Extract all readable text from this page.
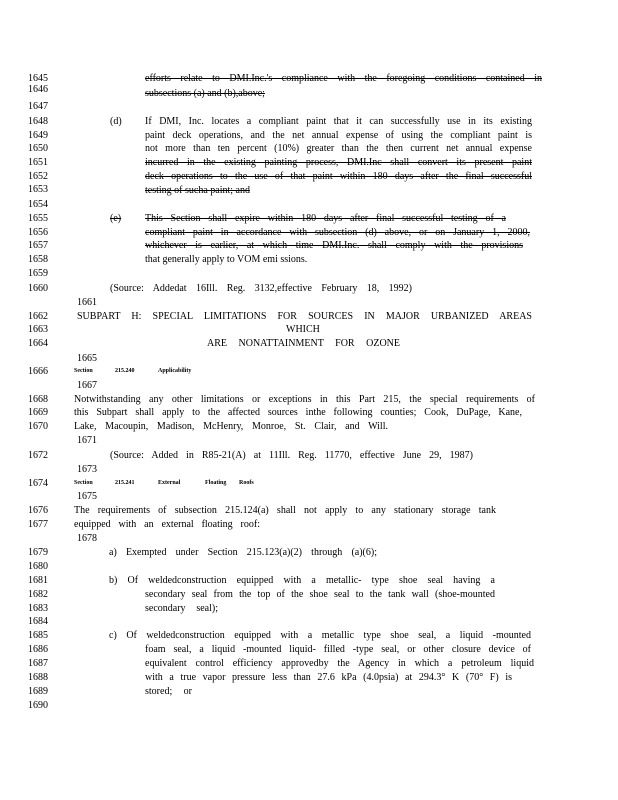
1645
1646
1647
1648
1649
1650
1651
1652
1653
1654
1655
1656
1657
1658
1659
1660
1661
1662
1663
1664
1665
1666
1667
1668
1669
1670
1671
1672
1673
1674
1675
1676
1677
1678
1679
1680
1681
1682
1683
1684
1685
1686
1687
1688
1689
1690
efforts relate to DMI.Inc.'s compliance with the foregoing conditions contained in
subsections (a) and (b),above;
(d) If DMI, Inc. locates a compliant paint that it can successfully use in its existing
paint deck operations, and the net annual expense of using the compliant paint is
not more than ten percent (10%) greater than the then current net annual expense
incurred in the existing painting process, DMI.Inc shall convert its present paint
deck operations to the use of that paint within 180 days after the final successful
testing of sucha paint; and
(e) This Section shall expire within 180 days after final successful testing of a
compliant paint in accordance with subsection (d) above, or on January 1, 2000,
whichever is earlier, at which time DMI.Inc. shall comply with the provisions
that generally apply to VOM emi ssions.
(Source: Addedat 16Ill. Reg. 3132,effective February 18, 1992)
SUBPART H: SPECIAL LIMITATIONS FOR SOURCES IN MAJOR URBANIZED AREAS
WHICH
ARE NONATTAINMENT FOR OZONE
Section	215.240	Applicability
Notwithstanding any other limitations or exceptions in this Part 215, the special requirements of
this Subpart shall apply to the affected sources inthe following counties; Cook, DuPage, Kane,
Lake, Macoupin, Madison, McHenry, Monroe, St. Clair, and Will.
(Source: Added in R85-21(A) at 11Ill. Reg. 11770, effective June 29, 1987)
Section	215.241	External	Floating Roofs
The requirements of subsection 215.124(a) shall not apply to any stationary storage tank
equipped with an external floating roof:
a) Exempted under Section 215.123(a)(2) through (a)(6);
b) Of weldedconstruction equipped with a metallic- type shoe seal having a
secondary seal from the top of the shoe seal to the tank wall (shoe-mounted
secondary seal);
c) Of weldedconstruction equipped with a metallic type shoe seal, a liquid -mounted
foam seal, a liquid -mounted liquid- filled -type seal, or other closure device of
equivalent control efficiency approvedby the Agency in which a petroleum liquid
with a true vapor pressure less than 27.6 kPa (4.0psia) at 294.3° K (70° F) is
stored; or
